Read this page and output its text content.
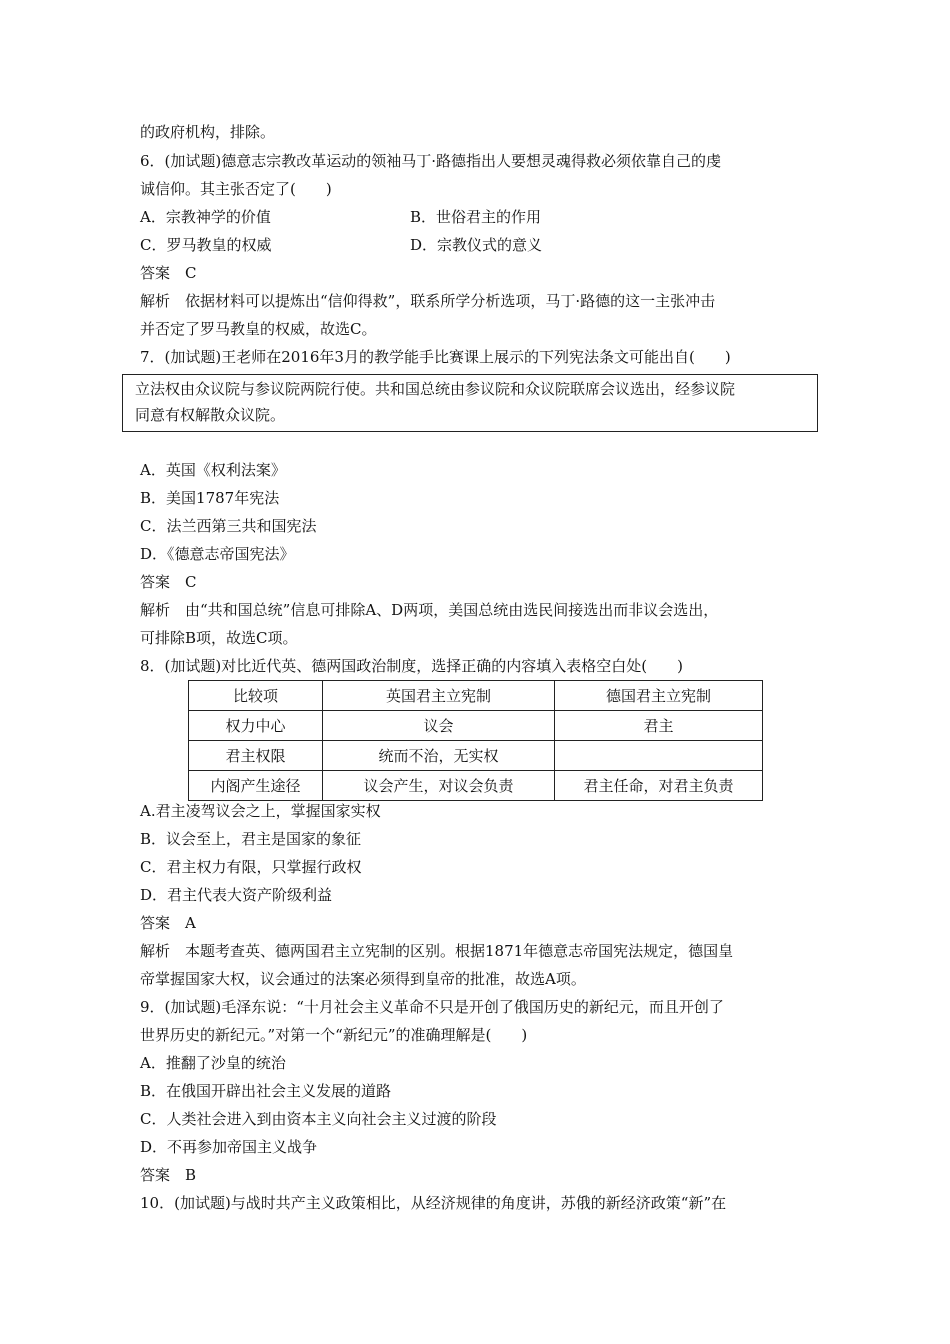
的政府机构，排除。
6．(加试题)德意志宗教改革运动的领袖马丁·路德指出人要想灵魂得救必须依靠自己的虔
诚信仰。其主张否定了(　　)
A．宗教神学的价值	B．世俗君主的作用
C．罗马教皇的权威	D．宗教仪式的意义
答案　C
解析　依据材料可以提炼出“信仰得救”，联系所学分析选项，马丁·路德的这一主张冲击
并否定了罗马教皇的权威，故选C。
7．(加试题)王老师在2016年3月的教学能手比赛课上展示的下列宪法条文可能出自(　　)
立法权由众议院与参议院两院行使。共和国总统由参议院和众议院联席会议选出，经参议院
同意有权解散众议院。
A．英国《权利法案》
B．美国1787年宪法
C．法兰西第三共和国宪法
D．《德意志帝国宪法》
答案　C
解析　由“共和国总统”信息可排除A、D两项，美国总统由选民间接选出而非议会选出，
可排除B项，故选C项。
8．(加试题)对比近代英、德两国政治制度，选择正确的内容填入表格空白处(　　)
比较项	英国君主立宪制	德国君主立宪制
权力中心	议会	君主
君主权限	统而不治，无实权	
内阁产生途径	议会产生，对议会负责	君主任命，对君主负责
A.君主凌驾议会之上，掌握国家实权
B．议会至上，君主是国家的象征
C．君主权力有限，只掌握行政权
D．君主代表大资产阶级利益
答案　A
解析　本题考查英、德两国君主立宪制的区别。根据1871年德意志帝国宪法规定，德国皇
帝掌握国家大权，议会通过的法案必须得到皇帝的批准，故选A项。
9．(加试题)毛泽东说：“十月社会主义革命不只是开创了俄国历史的新纪元，而且开创了
世界历史的新纪元。”对第一个“新纪元”的准确理解是(　　)
A．推翻了沙皇的统治
B．在俄国开辟出社会主义发展的道路
C．人类社会进入到由资本主义向社会主义过渡的阶段
D．不再参加帝国主义战争
答案　B
10．(加试题)与战时共产主义政策相比，从经济规律的角度讲，苏俄的新经济政策“新”在
